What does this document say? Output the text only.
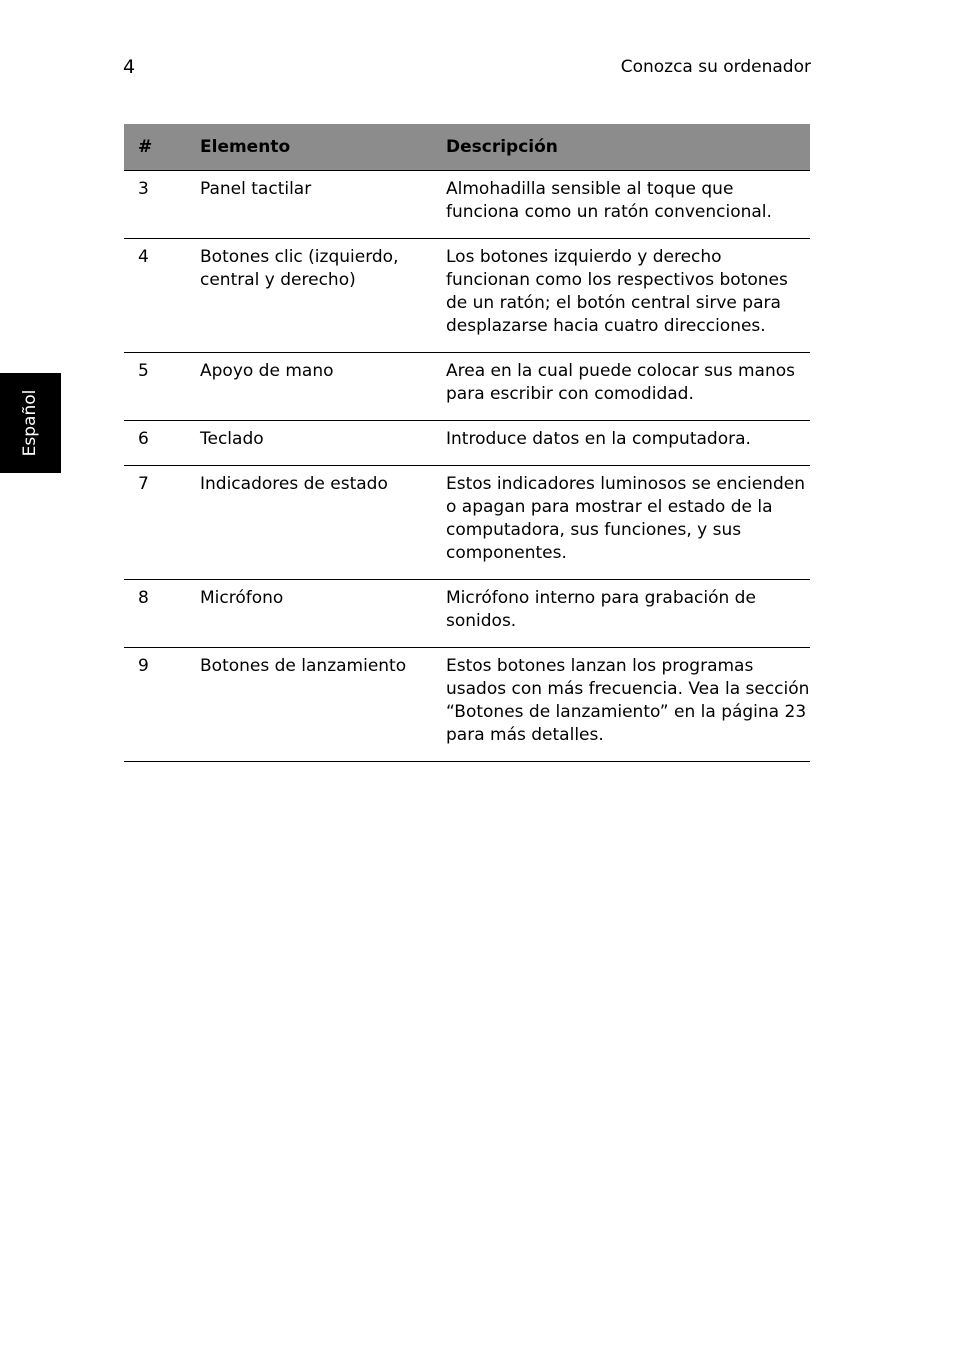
4	Conozca su ordenador
Español
#	Elemento	Descripción
3	Panel tactilar	Almohadilla sensible al toque que funciona como un ratón convencional.
4	Botones clic (izquierdo, central y derecho)	Los botones izquierdo y derecho funcionan como los respectivos botones de un ratón; el botón central sirve para desplazarse hacia cuatro direcciones.
5	Apoyo de mano	Area en la cual puede colocar sus manos para escribir con comodidad.
6	Teclado	Introduce datos en la computadora.
7	Indicadores de estado	Estos indicadores luminosos se encienden o apagan para mostrar el estado de la computadora, sus funciones, y sus componentes.
8	Micrófono	Micrófono interno para grabación de sonidos.
9	Botones de lanzamiento	Estos botones lanzan los programas usados con más frecuencia. Vea la sección “Botones de lanzamiento” en la página 23 para más detalles.
